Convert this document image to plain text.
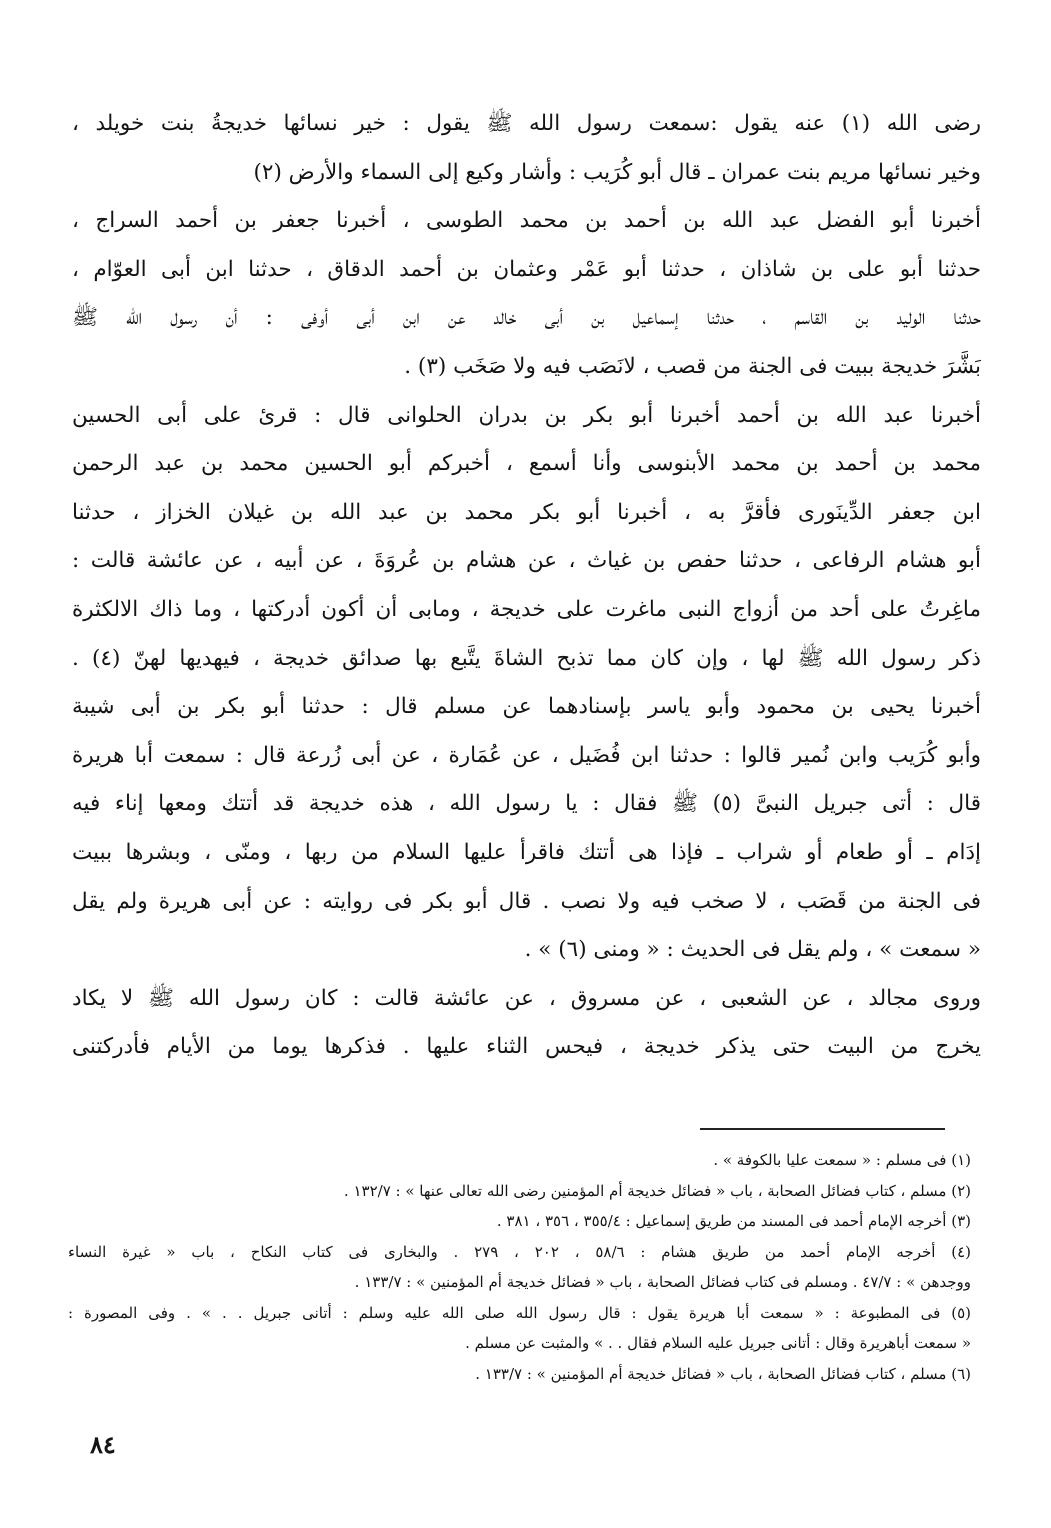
رضى الله (١) عنه يقول :سمعت رسول الله ﷺ يقول : خير نسائها خديجةُ بنت خويلد ،
وخير نسائها مريم بنت عمران ـ قال أبو كُرَيب : وأشار وكيع إلى السماء والأرض (٢)
أخبرنا أبو الفضل عبد الله بن أحمد بن محمد الطوسى ، أخبرنا جعفر بن أحمد السراج ،
حدثنا أبو على بن شاذان ، حدثنا أبو عَمْر وعثمان بن أحمد الدقاق ، حدثنا ابن أبى العوّام ،
حدثنا الوليد بن القاسم ، حدثنا إسماعيل بن أبى خالد عن ابن أبى أوفى : أن رسول الله ﷺ
بَشَّرَ خديجة ببيت فى الجنة من قصب ، لانَصَب فيه ولا صَخَب (٣) .
أخبرنا عبد الله بن أحمد أخبرنا أبو بكر بن بدران الحلوانى قال : قرئ على أبى الحسين
محمد بن أحمد بن محمد الأبنوسى وأنا أسمع ، أخبركم أبو الحسين محمد بن عبد الرحمن
ابن جعفر الدِّينَورى فأقرَّ به ، أخبرنا أبو بكر محمد بن عبد الله بن غيلان الخزاز ، حدثنا
أبو هشام الرفاعى ، حدثنا حفص بن غياث ، عن هشام بن عُروَةَ ، عن أبيه ، عن عائشة قالت :
ماغِرتُ على أحد من أزواج النبى ماغرت على خديجة ، ومابى أن أكون أدركتها ، وما ذاك الالكثرة
ذكر رسول الله ﷺ لها ، وإن كان مما تذبح الشاةَ يتَّبع بها صدائق خديجة ، فيهديها لهنّ (٤) .
أخبرنا يحيى بن محمود وأبو ياسر بإسنادهما عن مسلم قال : حدثنا أبو بكر بن أبى شيبة
وأبو كُرَيب وابن نُمير قالوا : حدثنا ابن فُضَيل ، عن عُمَارة ، عن أبى زُرعة قال : سمعت أبا هريرة
قال : أتى جبريل النبىَّ (٥) ﷺ فقال : يا رسول الله ، هذه خديجة قد أتتك ومعها إناء فيه
إدَام ـ أو طعام أو شراب ـ فإذا هى أتتك فاقرأ عليها السلام من ربها ، ومنّى ، وبشرها ببيت
فى الجنة من قَصَب ، لا صخب فيه ولا نصب . قال أبو بكر فى روايته : عن أبى هريرة ولم يقل
« سمعت » ، ولم يقل فى الحديث : « ومنى (٦) » .
وروى مجالد ، عن الشعبى ، عن مسروق ، عن عائشة قالت : كان رسول الله ﷺ لا يكاد
يخرج من البيت حتى يذكر خديجة ، فيحس الثناء عليها . فذكرها يوما من الأيام فأدركتنى
(١) فى مسلم : « سمعت عليا بالكوفة » .
(٢) مسلم ، كتاب فضائل الصحابة ، باب « فضائل خديجة أم المؤمنين رضى الله تعالى عنها » : ١٣٢/٧ .
(٣) أخرجه الإمام أحمد فى المسند من طريق إسماعيل : ٣٥٥/٤ ، ٣٥٦ ، ٣٨١ .
(٤) أخرجه الإمام أحمد من طريق هشام : ٥٨/٦ ، ٢٠٢ ، ٢٧٩ . والبخارى فى كتاب النكاح ، باب « غيرة النساء
ووجدهن » : ٤٧/٧ . ومسلم فى كتاب فضائل الصحابة ، باب « فضائل خديجة أم المؤمنين » : ١٣٣/٧ .
(٥) فى المطبوعة : « سمعت أبا هريرة يقول : قال رسول الله صلى الله عليه وسلم : أتانى جبريل . . » . وفى المصورة :
« سمعت أباهريرة وقال : أتانى جبريل عليه السلام فقال . . » والمثبت عن مسلم .
(٦) مسلم ، كتاب فضائل الصحابة ، باب « فضائل خديجة أم المؤمنين » : ١٣٣/٧ .
٨٤
